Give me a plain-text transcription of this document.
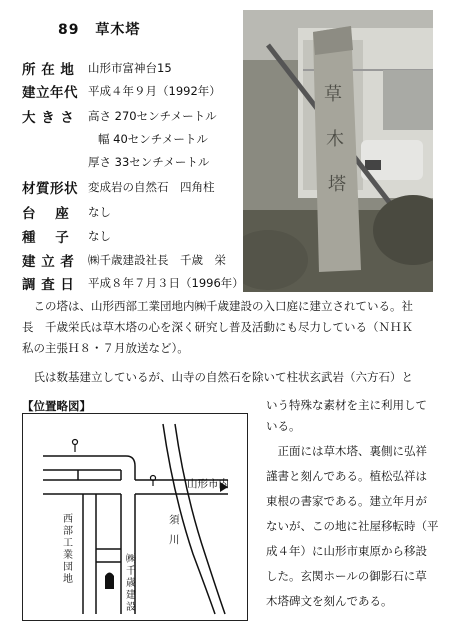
89 草木塔
草
木
塔
所 在 地 山形市富神台15
建立年代 平成４年９月（1992年）
大 き さ 高さ 270センチメートル
幅 40センチメートル
厚さ 33センチメートル
材質形状 変成岩の自然石　四角柱
台　 座 なし
種　 子 なし
建 立 者 ㈱千歳建設社長　千歳　栄
調 査 日 平成８年７月３日（1996年）
　この塔は、山形西部工業団地内㈱千歳建設の入口庭に建立されている。社
長　千歳栄氏は草木塔の心を深く研究し普及活動にも尽力している（ＮＨＫ
私の主張Ｈ８・７月放送など）。
　氏は数基建立しているが、山寺の自然石を除いて柱状玄武岩（六方石）と
【位置略図】
山形市内
須
川
西部工業団地
㈱千歳建設
いう特殊な素材を主に利用して
いる。
　正面には草木塔、裏側に弘祥
謹書と刻んである。植松弘祥は
東根の書家である。建立年月が
ないが、この地に社屋移転時（平
成４年）に山形市東原から移設
した。玄関ホールの御影石に草
木塔碑文を刻んである。
